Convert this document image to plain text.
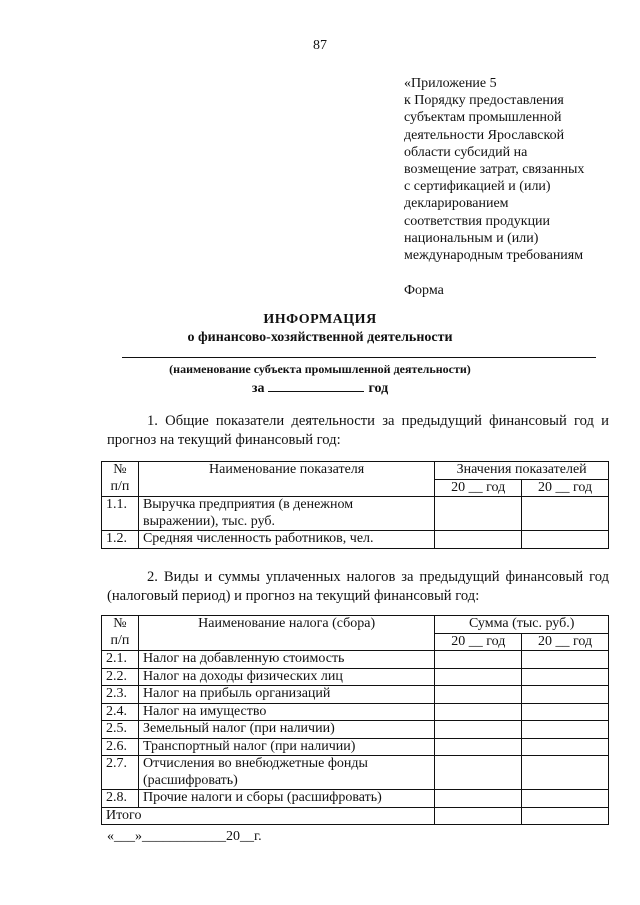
87
«Приложение 5
к Порядку предоставления
субъектам промышленной
деятельности Ярославской
области субсидий на
возмещение затрат, связанных
с сертификацией и (или)
декларированием
соответствия продукции
национальным и (или)
международным требованиям
Форма
ИНФОРМАЦИЯ
о финансово-хозяйственной деятельности
(наименование субъекта промышленной деятельности)
за	год
1. Общие показатели деятельности за предыдущий финансовый год и прогноз на текущий финансовый год:
№ п/п	Наименование показателя	Значения показателей	
		20 __ год	20 __ год
1.1.	Выручка предприятия (в денежном выражении), тыс. руб.		
1.2.	Средняя численность работников, чел.		
2. Виды и суммы уплаченных налогов за предыдущий финансовый год (налоговый период) и прогноз на текущий финансовый год:
№ п/п	Наименование налога (сбора)	Сумма (тыс. руб.)	
		20 __ год	20 __ год
2.1.	Налог на добавленную стоимость		
2.2.	Налог на доходы физических лиц		
2.3.	Налог на прибыль организаций		
2.4.	Налог на имущество		
2.5.	Земельный налог (при наличии)		
2.6.	Транспортный налог (при наличии)		
2.7.	Отчисления во внебюджетные фонды (расшифровать)		
2.8.	Прочие налоги и сборы (расшифровать)		
Итого			
«___»____________20__г.
